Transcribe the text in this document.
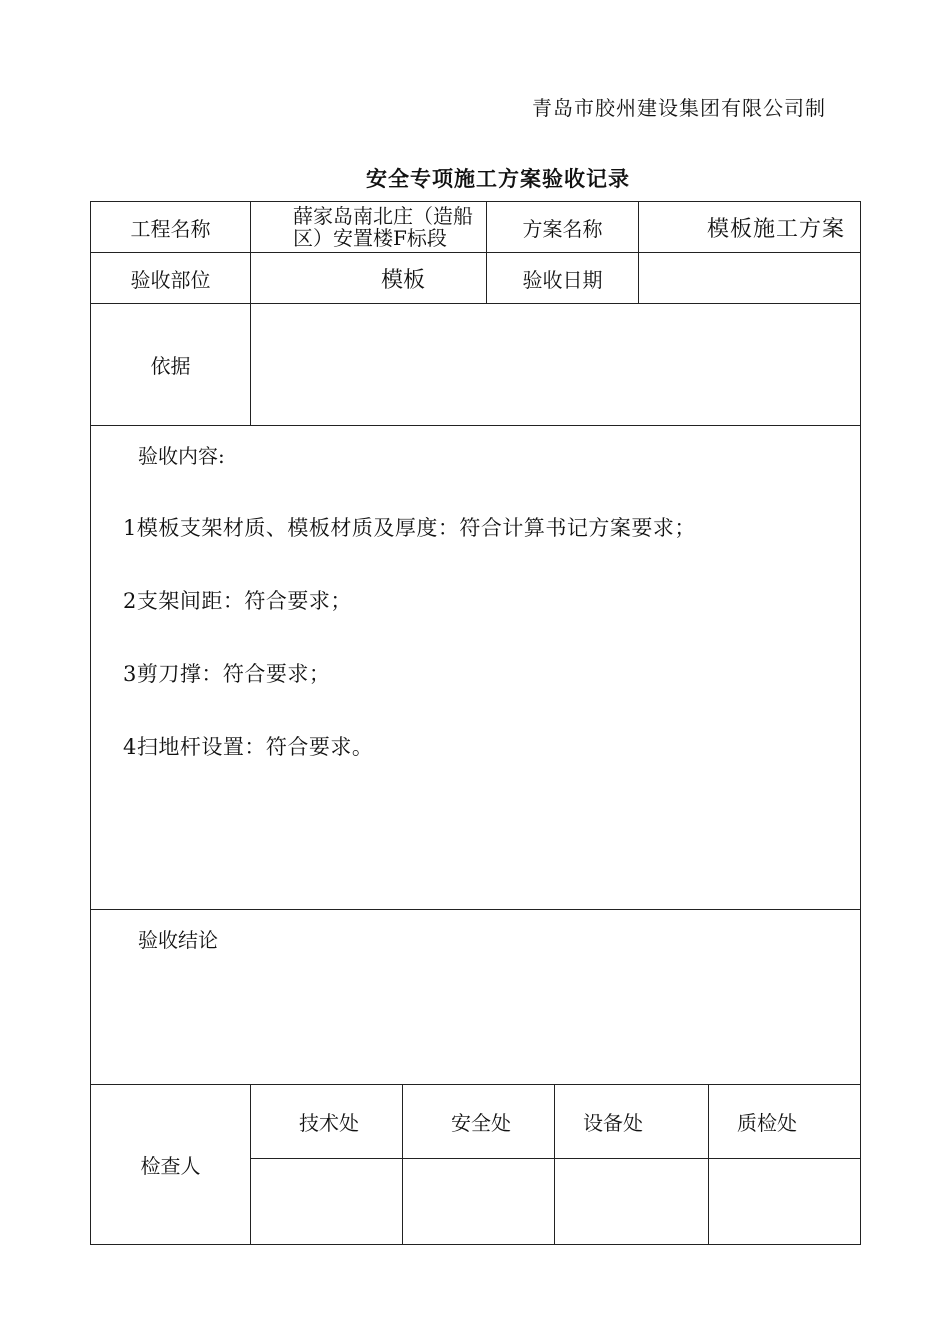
青岛市胶州建设集团有限公司制
安全专项施工方案验收记录
工程名称	薛家岛南北庄（造船
区）安置楼F标段		方案名称		模板施工方案	
验收部位	模板		验收日期			
依据						

验收内容:
1模板支架材质、模板材质及厚度：符合计算书记方案要求；
2支架间距：符合要求；
3剪刀撑：符合要求；
4扫地杆设置：符合要求。						

验收结论						

检查人	技术处	安全处		设备处		质检处
